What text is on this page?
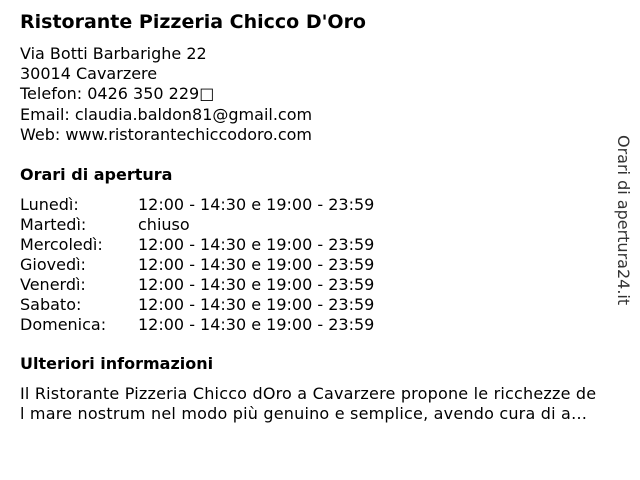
Ristorante Pizzeria Chicco D'Oro
Via Botti Barbarighe 22
30014 Cavarzere
Telefon: 0426 350 229□
Email: claudia.baldon81@gmail.com
Web: www.ristorantechiccodoro.com
Orari di apertura
Lunedì:	12:00 - 14:30 e 19:00 - 23:59
Martedì:	chiuso
Mercoledì: 12:00 - 14:30 e 19:00 - 23:59
Giovedì:	12:00 - 14:30 e 19:00 - 23:59
Venerdì:	12:00 - 14:30 e 19:00 - 23:59
Sabato:	12:00 - 14:30 e 19:00 - 23:59
Domenica: 12:00 - 14:30 e 19:00 - 23:59
Ulteriori informazioni
Il Ristorante Pizzeria Chicco dOro a Cavarzere propone le ricchezze de
l mare nostrum nel modo più genuino e semplice, avendo cura di a…
Orari di apertura24.it
